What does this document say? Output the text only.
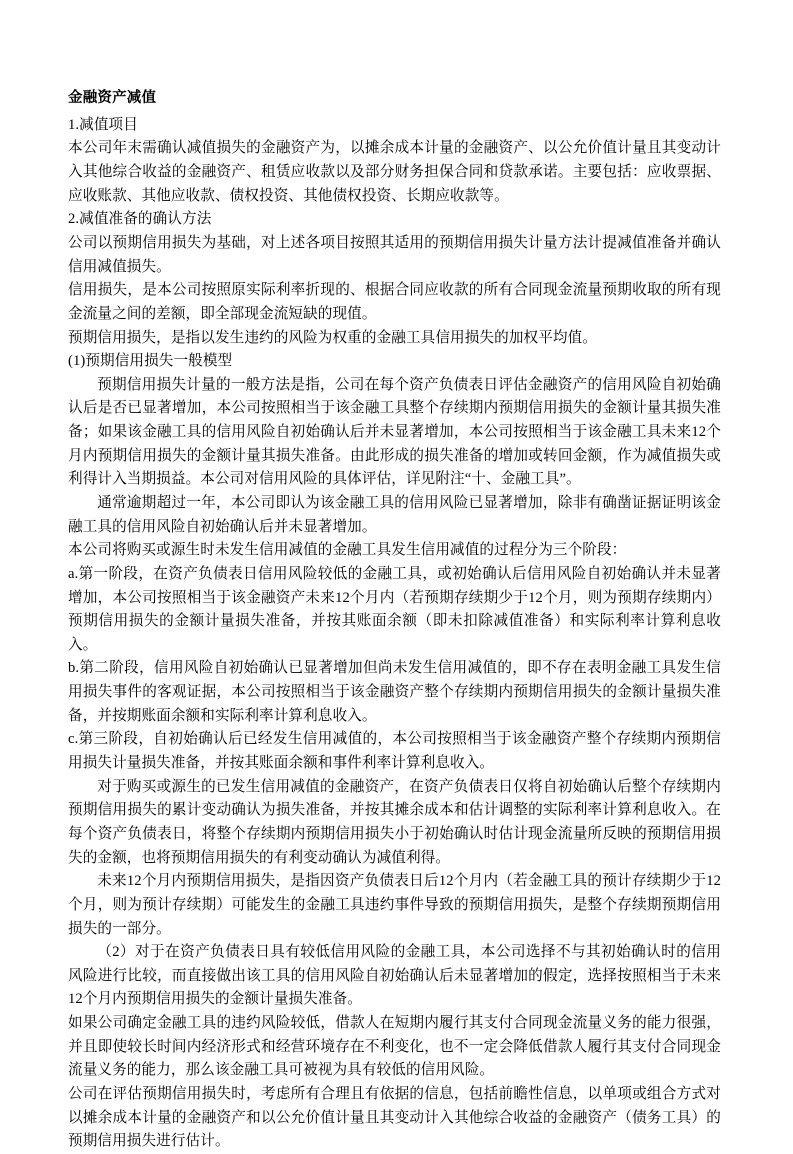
金融资产减值

1.减值项目

本公司年末需确认减值损失的金融资产为，以摊余成本计量的金融资产、以公允价值计量且其变动计入其他综合收益的金融资产、租赁应收款以及部分财务担保合同和贷款承诺。主要包括：应收票据、应收账款、其他应收款、债权投资、其他债权投资、长期应收款等。

2.减值准备的确认方法

公司以预期信用损失为基础，对上述各项目按照其适用的预期信用损失计量方法计提减值准备并确认信用减值损失。

信用损失，是本公司按照原实际利率折现的、根据合同应收款的所有合同现金流量预期收取的所有现金流量之间的差额，即全部现金流短缺的现值。

预期信用损失，是指以发生违约的风险为权重的金融工具信用损失的加权平均值。

(1)预期信用损失一般模型

预期信用损失计量的一般方法是指，公司在每个资产负债表日评估金融资产的信用风险自初始确认后是否已显著增加，本公司按照相当于该金融工具整个存续期内预期信用损失的金额计量其损失准备；如果该金融工具的信用风险自初始确认后并未显著增加，本公司按照相当于该金融工具未来12个月内预期信用损失的金额计量其损失准备。由此形成的损失准备的增加或转回金额，作为减值损失或利得计入当期损益。本公司对信用风险的具体评估，详见附注“十、金融工具”。

通常逾期超过一年，本公司即认为该金融工具的信用风险已显著增加，除非有确凿证据证明该金融工具的信用风险自初始确认后并未显著增加。

本公司将购买或源生时未发生信用减值的金融工具发生信用减值的过程分为三个阶段：

a.第一阶段，在资产负债表日信用风险较低的金融工具，或初始确认后信用风险自初始确认并未显著增加，本公司按照相当于该金融资产未来12个月内（若预期存续期少于12个月，则为预期存续期内）预期信用损失的金额计量损失准备，并按其账面余额（即未扣除减值准备）和实际利率计算利息收入。

b.第二阶段，信用风险自初始确认已显著增加但尚未发生信用减值的，即不存在表明金融工具发生信用损失事件的客观证据，本公司按照相当于该金融资产整个存续期内预期信用损失的金额计量损失准备，并按期账面余额和实际利率计算利息收入。

c.第三阶段，自初始确认后已经发生信用减值的，本公司按照相当于该金融资产整个存续期内预期信用损失计量损失准备，并按其账面余额和事件利率计算利息收入。

对于购买或源生的已发生信用减值的金融资产，在资产负债表日仅将自初始确认后整个存续期内预期信用损失的累计变动确认为损失准备，并按其摊余成本和估计调整的实际利率计算利息收入。在每个资产负债表日，将整个存续期内预期信用损失小于初始确认时估计现金流量所反映的预期信用损失的金额，也将预期信用损失的有利变动确认为减值利得。

未来12个月内预期信用损失，是指因资产负债表日后12个月内（若金融工具的预计存续期少于12个月，则为预计存续期）可能发生的金融工具违约事件导致的预期信用损失，是整个存续期预期信用损失的一部分。

（2）对于在资产负债表日具有较低信用风险的金融工具，本公司选择不与其初始确认时的信用风险进行比较，而直接做出该工具的信用风险自初始确认后未显著增加的假定，选择按照相当于未来12个月内预期信用损失的金额计量损失准备。

如果公司确定金融工具的违约风险较低，借款人在短期内履行其支付合同现金流量义务的能力很强，并且即使较长时间内经济形式和经营环境存在不利变化，也不一定会降低借款人履行其支付合同现金流量义务的能力，那么该金融工具可被视为具有较低的信用风险。

公司在评估预期信用损失时，考虑所有合理且有依据的信息，包括前瞻性信息，以单项或组合方式对以摊余成本计量的金融资产和以公允价值计量且其变动计入其他综合收益的金融资产（债务工具）的预期信用损失进行估计。
